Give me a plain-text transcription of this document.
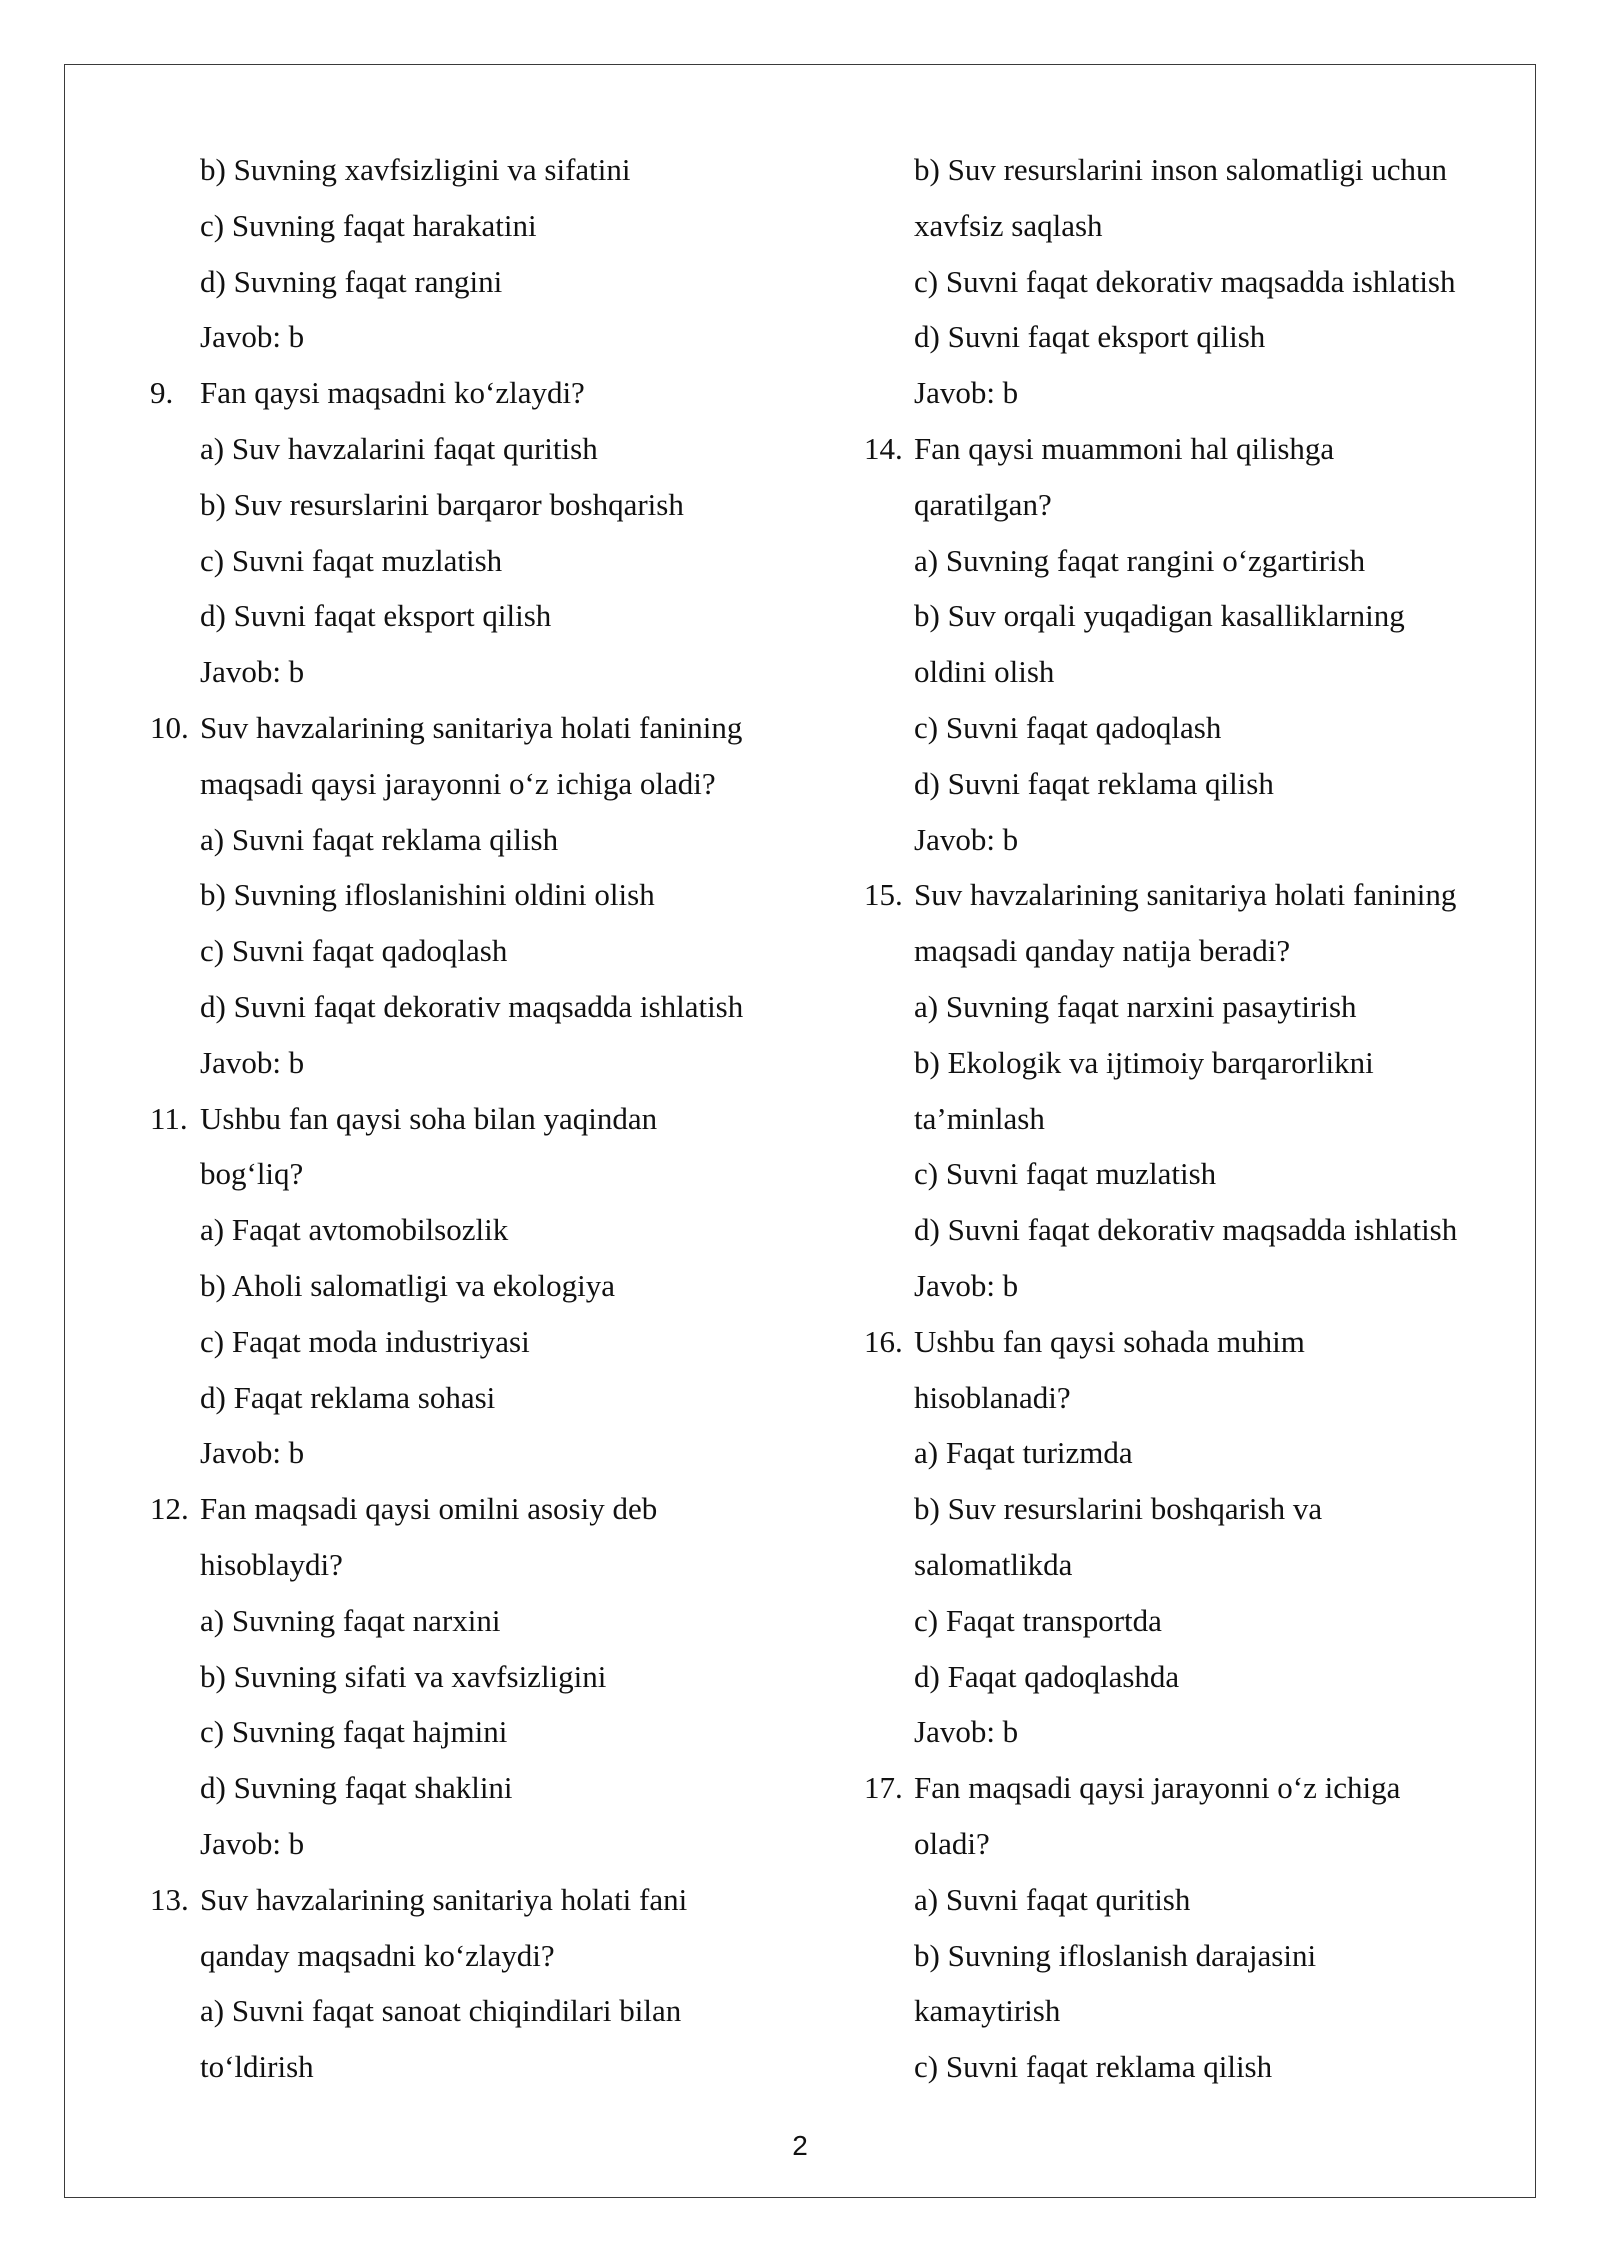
b) Suvning xavfsizligini va sifatini
c) Suvning faqat harakatini
d) Suvning faqat rangini
Javob: b
9. Fan qaysi maqsadni ko‘zlaydi?
a) Suv havzalarini faqat quritish
b) Suv resurslarini barqaror boshqarish
c) Suvni faqat muzlatish
d) Suvni faqat eksport qilish
Javob: b
10. Suv havzalarining sanitariya holati fanining
maqsadi qaysi jarayonni o‘z ichiga oladi?
a) Suvni faqat reklama qilish
b) Suvning ifloslanishini oldini olish
c) Suvni faqat qadoqlash
d) Suvni faqat dekorativ maqsadda ishlatish
Javob: b
11. Ushbu fan qaysi soha bilan yaqindan
bog‘liq?
a) Faqat avtomobilsozlik
b) Aholi salomatligi va ekologiya
c) Faqat moda industriyasi
d) Faqat reklama sohasi
Javob: b
12. Fan maqsadi qaysi omilni asosiy deb
hisoblaydi?
a) Suvning faqat narxini
b) Suvning sifati va xavfsizligini
c) Suvning faqat hajmini
d) Suvning faqat shaklini
Javob: b
13. Suv havzalarining sanitariya holati fani
qanday maqsadni ko‘zlaydi?
a) Suvni faqat sanoat chiqindilari bilan
to‘ldirish
b) Suv resurslarini inson salomatligi uchun
xavfsiz saqlash
c) Suvni faqat dekorativ maqsadda ishlatish
d) Suvni faqat eksport qilish
Javob: b
14. Fan qaysi muammoni hal qilishga
qaratilgan?
a) Suvning faqat rangini o‘zgartirish
b) Suv orqali yuqadigan kasalliklarning
oldini olish
c) Suvni faqat qadoqlash
d) Suvni faqat reklama qilish
Javob: b
15. Suv havzalarining sanitariya holati fanining
maqsadi qanday natija beradi?
a) Suvning faqat narxini pasaytirish
b) Ekologik va ijtimoiy barqarorlikni
ta’minlash
c) Suvni faqat muzlatish
d) Suvni faqat dekorativ maqsadda ishlatish
Javob: b
16. Ushbu fan qaysi sohada muhim
hisoblanadi?
a) Faqat turizmda
b) Suv resurslarini boshqarish va
salomatlikda
c) Faqat transportda
d) Faqat qadoqlashda
Javob: b
17. Fan maqsadi qaysi jarayonni o‘z ichiga
oladi?
a) Suvni faqat quritish
b) Suvning ifloslanish darajasini
kamaytirish
c) Suvni faqat reklama qilish
2
